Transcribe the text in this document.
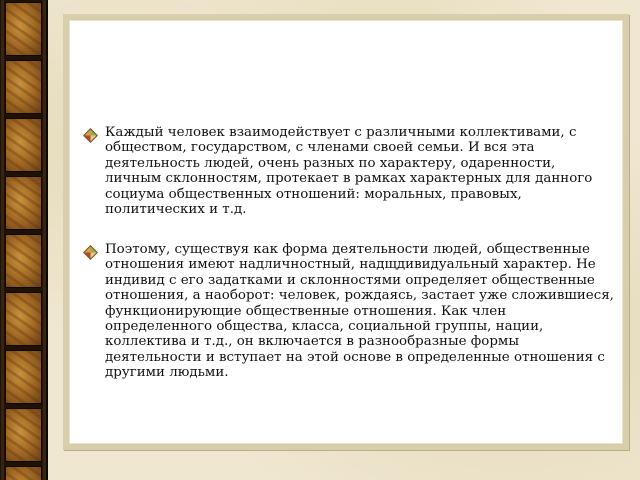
Каждый человек взаимодействует с различными коллективами, с обществом, государством, с членами своей семьи. И вся эта деятельность людей, очень разных по характеру, одаренности, личным склонностям, протекает в рамках характерных для данного социума общественных отношений: моральных, правовых, политических и т.д.

Поэтому, существуя как форма деятельности людей, общественные отношения имеют надличностный, надщдивидуальный характер. Не индивид с его задатками и склонностями определяет общественные отношения, а наоборот: человек, рождаясь, застает уже сложившиеся, функционирующие общественные отношения. Как член определенного общества, класса, социальной группы, нации, коллектива и т.д., он включается в разнообразные формы деятельности и вступает на этой основе в определенные отношения с другими людьми.
